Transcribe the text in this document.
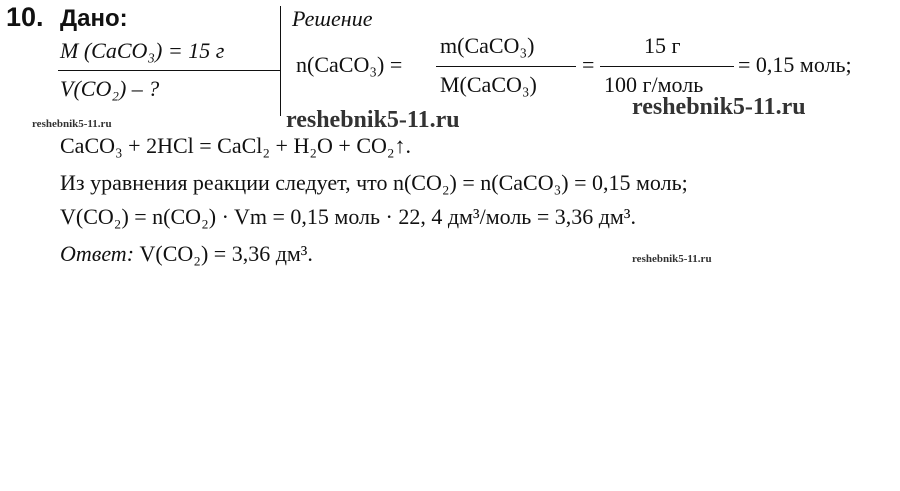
10. Дано:
M (CaCO₃) = 15 г
V(CO₂) – ?
Решение
n(CaCO₃) =
m(CaCO₃)
M(CaCO₃)
=
15 г
100 г/моль
= 0,15 моль;
CaCO₃ + 2HCl = CaCl₂ + H₂O + CO₂↑.
Из уравнения реакции следует, что n(CO₂) = n(CaCO₃) = 0,15 моль;
V(CO₂) = n(CO₂) · Vm = 0,15 моль · 22, 4 дм³/моль = 3,36 дм³.
Ответ: V(CO₂) = 3,36 дм³.
reshebnik5-11.ru	reshebnik5-11.ru
reshebnik5-11.ru
reshebnik5-11.ru
